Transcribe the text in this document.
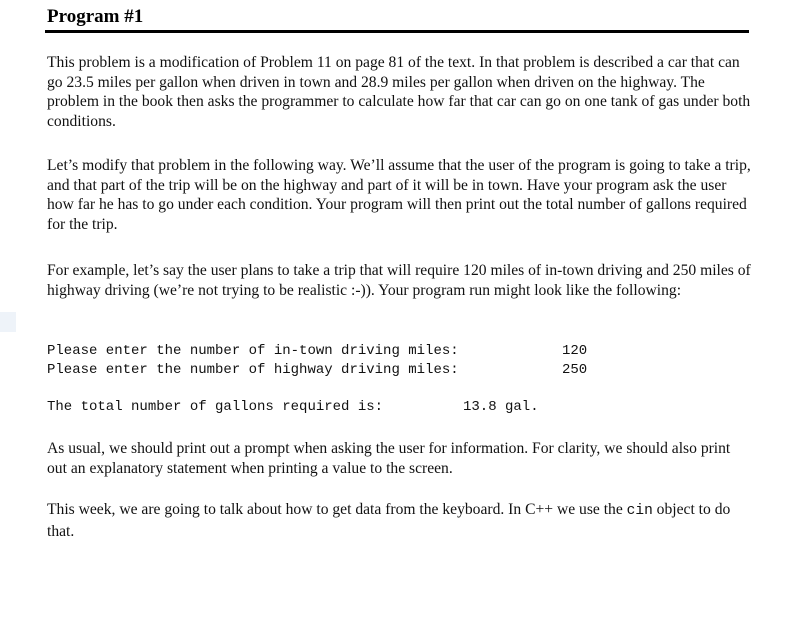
Program #1

This problem is a modification of Problem 11 on page 81 of the text. In that problem is described a car that can go 23.5 miles per gallon when driven in town and 28.9 miles per gallon when driven on the highway. The problem in the book then asks the programmer to calculate how far that car can go on one tank of gas under both conditions.

Let’s modify that problem in the following way. We’ll assume that the user of the program is going to take a trip, and that part of the trip will be on the highway and part of it will be in town. Have your program ask the user how far he has to go under each condition. Your program will then print out the total number of gallons required for the trip.

For example, let’s say the user plans to take a trip that will require 120 miles of in-town driving and 250 miles of highway driving (we’re not trying to be realistic :-)). Your program run might look like the following:

Please enter the number of in-town driving miles:	120
Please enter the number of highway driving miles:	250
The total number of gallons required is:	13.8 gal.

As usual, we should print out a prompt when asking the user for information. For clarity, we should also print out an explanatory statement when printing a value to the screen.

This week, we are going to talk about how to get data from the keyboard. In C++ we use the cin object to do that.
